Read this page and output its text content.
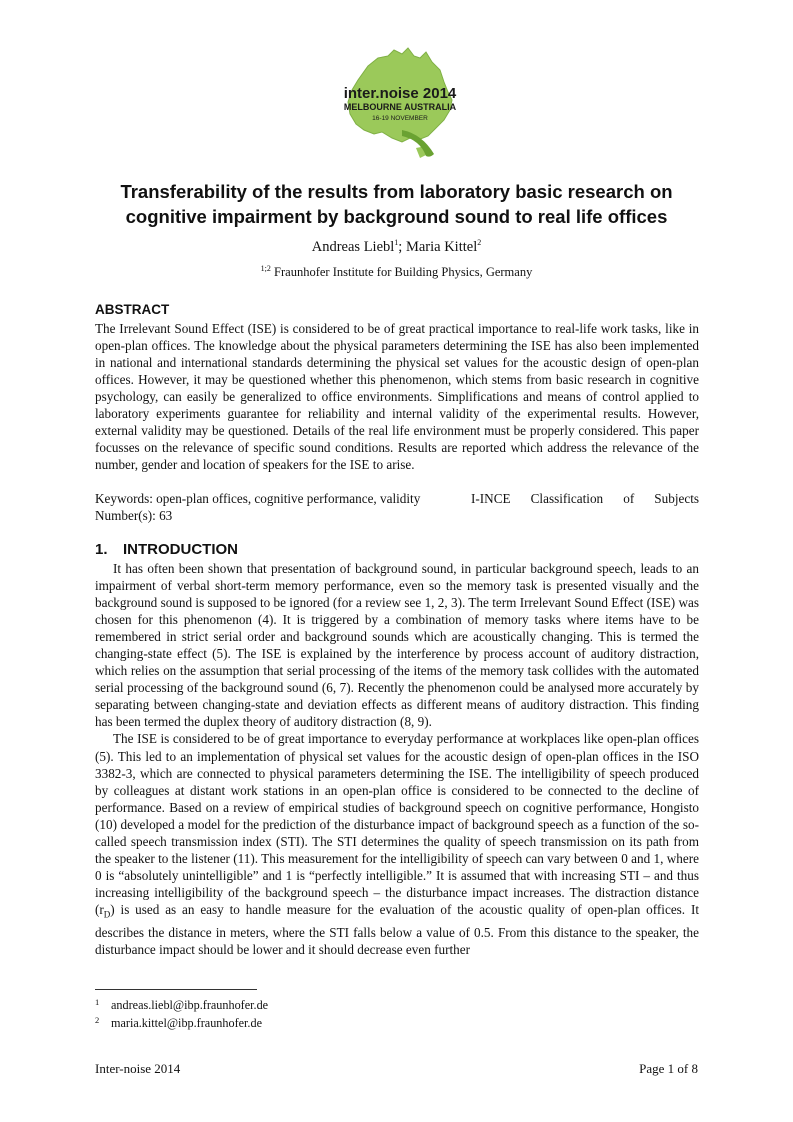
inter.noise 2014
MELBOURNE AUSTRALIA
16-19 NOVEMBER
Transferability of the results from laboratory basic research on
cognitive impairment by background sound to real life offices
Andreas Liebl$^1$; Maria Kittel$^2$
$^{1;2}$ Fraunhofer Institute for Building Physics, Germany
ABSTRACT
The Irrelevant Sound Effect (ISE) is considered to be of great practical importance to real-life work tasks, like in open-plan offices. The knowledge about the physical parameters determining the ISE has also been implemented in national and international standards determining the physical set values for the acoustic design of open-plan offices. However, it may be questioned whether this phenomenon, which stems from basic research in cognitive psychology, can easily be generalized to office environments. Simplifications and means of control applied to laboratory experiments guarantee for reliability and internal validity of the experimental results. However, external validity may be questioned. Details of the real life environment must be properly considered. This paper focusses on the relevance of specific sound conditions. Results are reported which address the relevance of the number, gender and location of speakers for the ISE to arise.
Keywords: open-plan offices, cognitive performance, validity	I-INCE Classification of Subjects
Number(s): 63
1. INTRODUCTION

It has often been shown that presentation of background sound, in particular background speech, leads to an impairment of verbal short-term memory performance, even so the memory task is presented visually and the background sound is supposed to be ignored (for a review see 1, 2, 3). The term Irrelevant Sound Effect (ISE) was chosen for this phenomenon (4). It is triggered by a combination of memory tasks where items have to be remembered in strict serial order and background sounds which are acoustically changing. This is termed the changing-state effect (5). The ISE is explained by the interference by process account of auditory distraction, which relies on the assumption that serial processing of the items of the memory task collides with the automated serial processing of the background sound (6, 7). Recently the phenomenon could be analysed more accurately by separating between changing-state and deviation effects as different means of auditory distraction. This finding has been termed the duplex theory of auditory distraction (8, 9).

The ISE is considered to be of great importance to everyday performance at workplaces like open-plan offices (5). This led to an implementation of physical set values for the acoustic design of open-plan offices in the ISO 3382-3, which are connected to physical parameters determining the ISE. The intelligibility of speech produced by colleagues at distant work stations in an open-plan office is considered to be connected to the decline of performance. Based on a review of empirical studies of background speech on cognitive performance, Hongisto (10) developed a model for the prediction of the disturbance impact of background speech as a function of the so-called speech transmission index (STI). The STI determines the quality of speech transmission on its path from the speaker to the listener (11). This measurement for the intelligibility of speech can vary between 0 and 1, where 0 is “absolutely unintelligible” and 1 is “perfectly intelligible.” It is assumed that with increasing STI – and thus increasing intelligibility of the background speech – the disturbance impact increases. The distraction distance $(r_D)$ is used as an easy to handle measure for the evaluation of the acoustic quality of open-plan offices. It describes the distance in meters, where the STI falls below a value of 0.5. From this distance to the speaker, the disturbance impact should be lower and it should decrease even further

1 andreas.liebl@ibp.fraunhofer.de
2 maria.kittel@ibp.fraunhofer.de
Inter-noise 2014	Page 1 of 8
